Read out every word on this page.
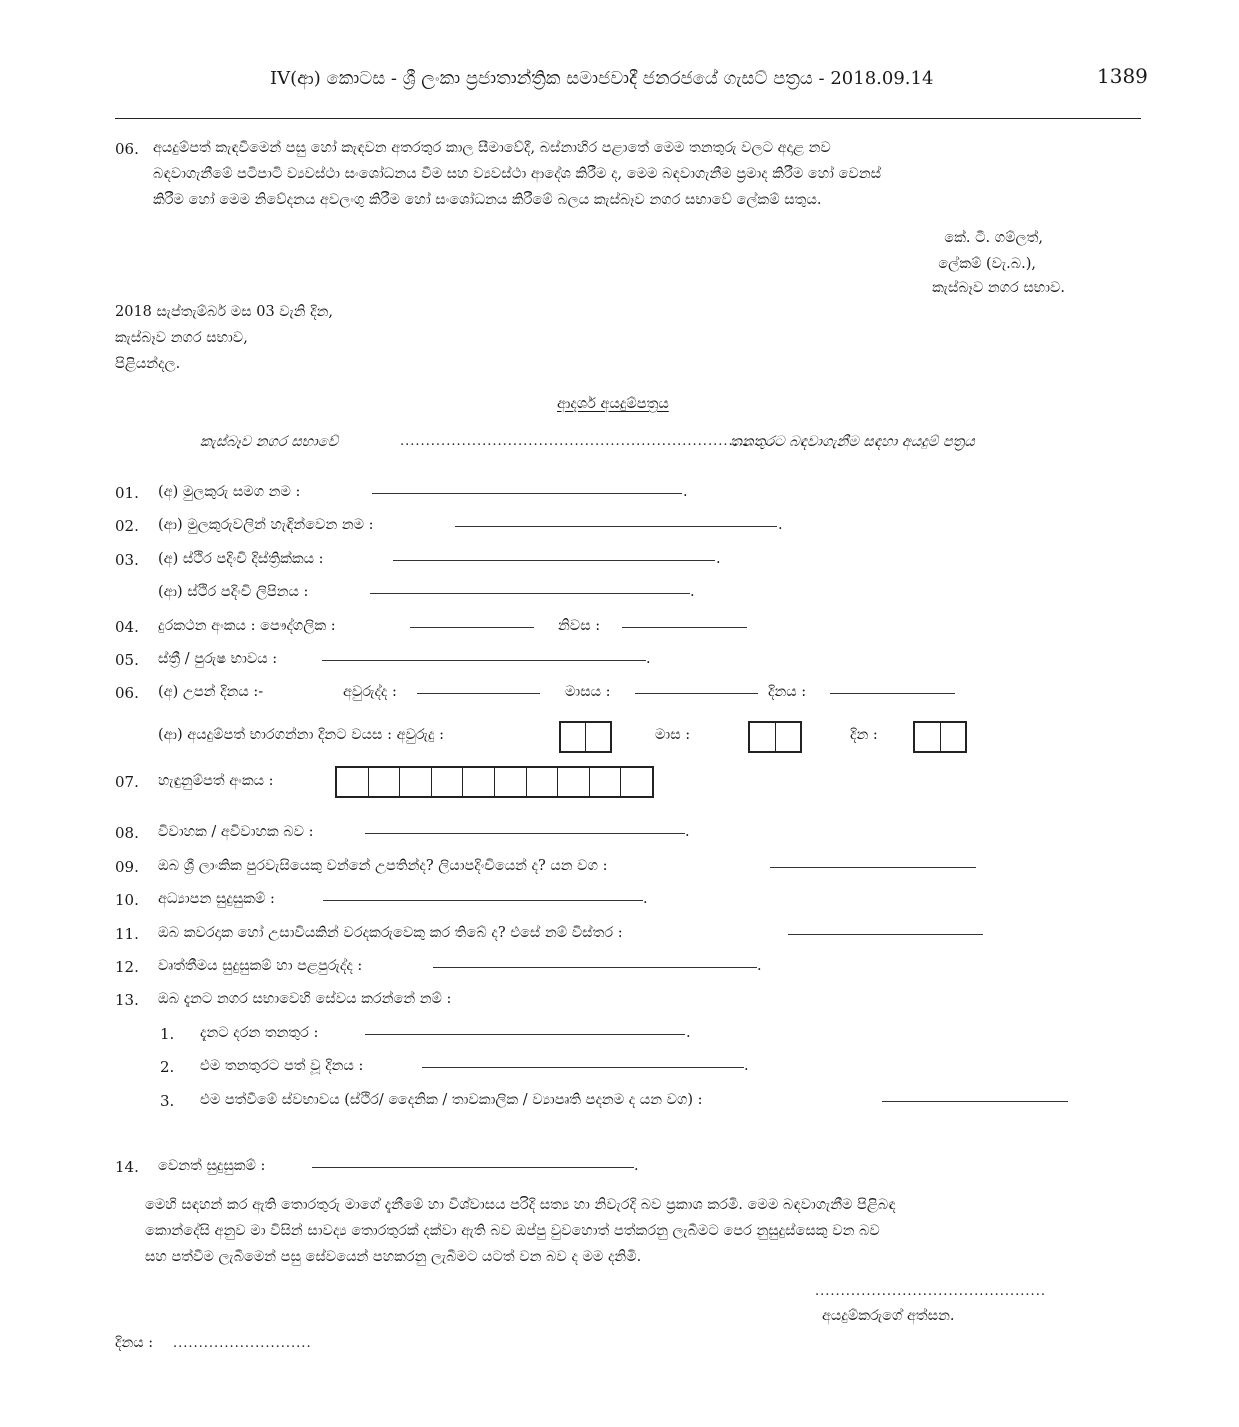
IV(ආ) කොටස - ශ්‍රී ලංකා ප්‍රජාතාන්ත්‍රික සමාජවාදී ජනරජයේ ගැසට් පත්‍රය - 2018.09.14	1389
06. අයදුම්පත් කැඳවීමෙන් පසු හෝ කැඳවන අතරතුර කාල සීමාවේදී, බස්නාහිර පළාතේ මෙම තනතුරු වලට අදාළ නව
බඳවාගැනීමේ පටිපාටි ව්‍යවස්ථා සංශෝධනය වීම සහ ව්‍යවස්ථා ආදේශ කිරීම ද, මෙම බඳවාගැනීම ප්‍රමාද කිරීම හෝ වෙනස්
කිරීම හෝ මෙම නිවේදනය අවලංගු කිරීම හෝ සංශෝධනය කිරීමේ බලය කැස්බෑව නගර සභාවේ ලේකම් සතුය.
කේ. ටී. ගම්ලත්,
ලේකම් (වැ.බ.),
කැස්බෑව නගර සභාව.
2018 සැප්තැම්බර් මස 03 වැනි දින,
කැස්බෑව නගර සභාව,
පිළියන්දල.
ආදර්ශ අයදුම්පත්‍රය
කැස්බෑව නගර සභාවේ	..........................................................................
තනතුරට බඳවාගැනීම සඳහා අයදුම් පත්‍රය
01. (අ) මුලකුරු සමග නම :	.
02. (ආ) මුලකුරුවලින් හැඳින්වෙන නම :	.
03. (අ) ස්ථිර පදිංචි දිස්ත්‍රික්කය :	.
(ආ) ස්ථිර පදිංචි ලිපිනය :	.
04. දුරකථන අංකය : පෞද්ගලික :	නිවස :
05. ස්ත්‍රී / පුරුෂ භාවය :	.
06. (අ) උපන් දිනය :-	අවුරුද්ද :	මාසය :	දිනය :
(ආ) අයදුම්පත් භාරගන්නා දිනට වයස : අවුරුදු :	මාස :	දින :
07. හැඳුනුම්පත් අංකය :
08. විවාහක / අවිවාහක බව :	.
09. ඔබ ශ්‍රී ලාංකික පුරවැසියෙකු වන්නේ උපතින්ද? ලියාපදිංචියෙන් ද? යන වග :
10. අධ්‍යාපන සුදුසුකම් :	.
11. ඔබ කවරදාක හෝ උසාවියකින් වරදකරුවෙකු කර තිබේ ද? එසේ නම් විස්තර :
12. වෘත්තීමය සුදුසුකම් හා පළපුරුද්ද :	.
13. ඔබ දැනට නගර සභාවෙහි සේවය කරන්නේ නම් :
1. දැනට දරන තනතුර :	.
2. එම තනතුරට පත් වූ දිනය :	.
3. එම පත්වීමේ ස්වභාවය (ස්ථිර/ දෛනික / තාවකාලික / ව්‍යාපෘති පදනම ද යන වග) :
14. වෙනත් සුදුසුකම් :	.
මෙහි සඳහන් කර ඇති තොරතුරු මාගේ දැනීමේ හා විශ්වාසය පරිදි සත්‍ය හා නිවැරදි බව ප්‍රකාශ කරමි. මෙම බඳවාගැනීම පිළිබඳ
කොන්දේසි අනුව මා විසින් සාවද්‍ය තොරතුරක් දක්වා ඇති බව ඔප්පු වුවහොත් පත්කරනු ලැබීමට පෙර නුසුදුස්සෙකු වන බව
සහ පත්වීම ලැබීමෙන් පසු සේවයෙන් පහකරනු ලැබීමට යටත් වන බව ද මම දනිමි.
.............................................
අයදුම්කරුගේ අත්සන.
දිනය : ...........................
